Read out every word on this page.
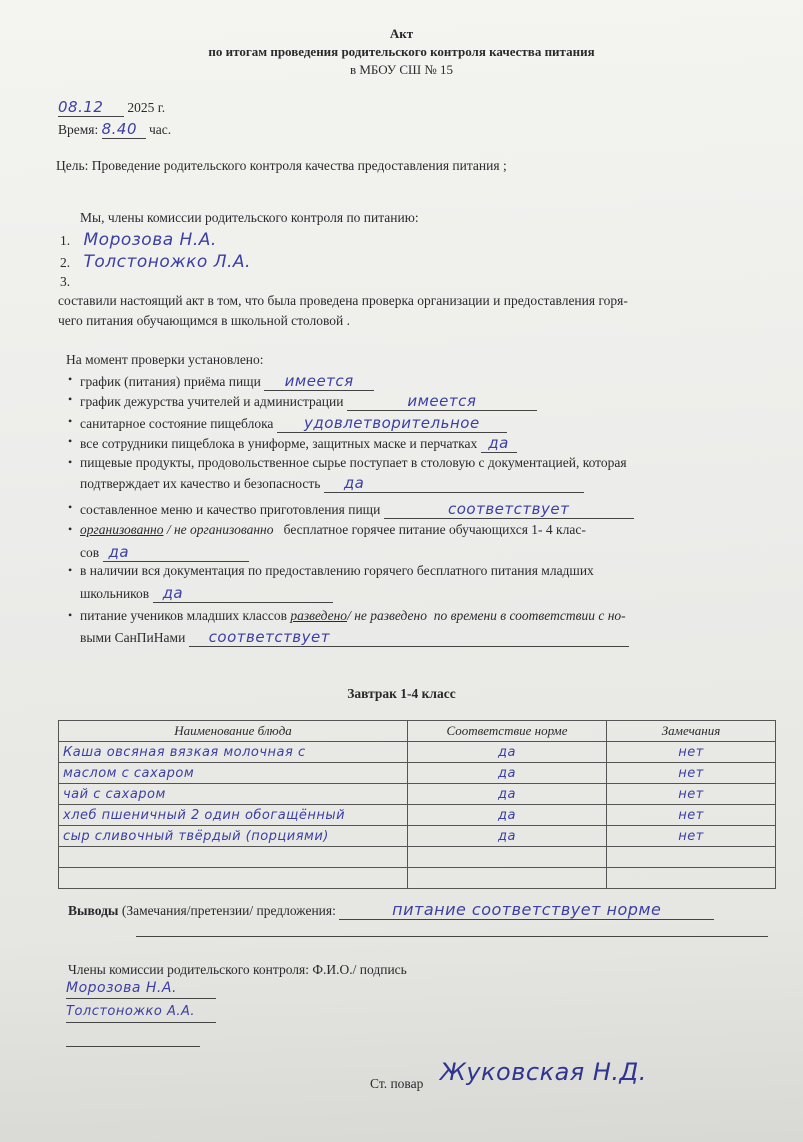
Акт
по итогам проведения родительского контроля качества питания
в МБОУ СШ № 15
08.12 2025 г.
Время: 8.40 час.

Цель: Проведение родительского контроля качества предоставления питания ;

Мы, члены комиссии родительского контроля по питанию:

1. Морозова Н.А.
2. Толстоножко Л.А.
3.

составили настоящий акт в том, что была проведена проверка организации и предоставления горя-

чего питания обучающимся в школьной столовой .

На момент проверки установлено:

• график (питания) приёма пищи имеется
• график дежурства учителей и администрации	имеется
• санитарное состояние пищеблока удовлетворительное
• все сотрудники пищеблока в униформе, защитных маске и перчатках да
• пищевые продукты, продовольственное сырье поступает в столовую с документацией, которая
подтверждает их качество и безопасность да
• составленное меню и качество приготовления пищи	соответствует
• организованно / не организованно   бесплатное горячее питание обучающихся 1- 4 клас-
сов да
• в наличии вся документация по предоставлению горячего бесплатного питания младших
школьников да
• питание учеников младших классов разведено/ не разведено  по времени в соответствии с но-
выми СанПиНами соответствует
Завтрак 1-4 класс
Наименование блюда	Соответствие норме	Замечания
Каша овсяная вязкая молочная с	да	нет
маслом с сахаром	да	нет
чай с сахаром	да	нет
хлеб пшеничный 2 один обогащённый	да	нет
сыр сливочный твёрдый (порциями)	да	нет

Выводы (Замечания/претензии/ предложения:	питание соответствует норме

Члены комиссии родительского контроля: Ф.И.О./ подпись

Морозова Н.А.
Толстоножко А.А.
Ст. повар Жуковская Н.Д.
